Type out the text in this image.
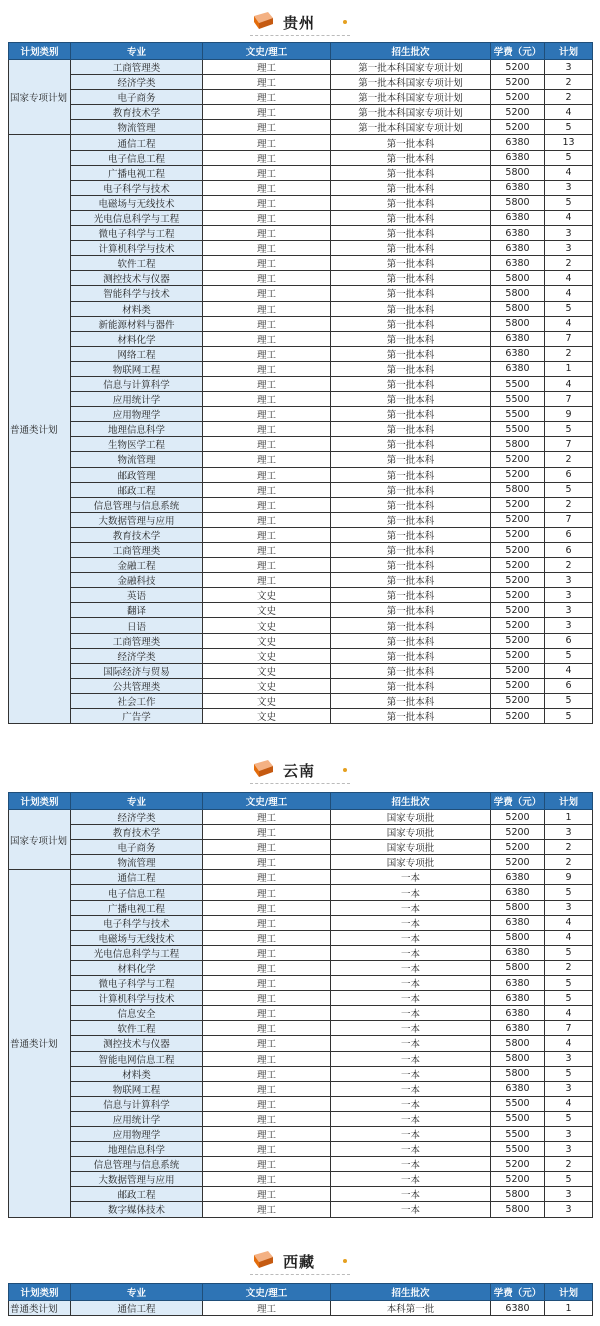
贵州
计划类别	专业	文史/理工	招生批次	学费（元）	计划
国家专项计划	工商管理类	理工	第一批本科国家专项计划	5200	3
	经济学类	理工	第一批本科国家专项计划	5200	2
	电子商务	理工	第一批本科国家专项计划	5200	2
	教育技术学	理工	第一批本科国家专项计划	5200	4
	物流管理	理工	第一批本科国家专项计划	5200	5
普通类计划	通信工程	理工	第一批本科	6380	13
	电子信息工程	理工	第一批本科	6380	5
	广播电视工程	理工	第一批本科	5800	4
	电子科学与技术	理工	第一批本科	6380	3
	电磁场与无线技术	理工	第一批本科	5800	5
	光电信息科学与工程	理工	第一批本科	6380	4
	微电子科学与工程	理工	第一批本科	6380	3
	计算机科学与技术	理工	第一批本科	6380	3
	软件工程	理工	第一批本科	6380	2
	测控技术与仪器	理工	第一批本科	5800	4
	智能科学与技术	理工	第一批本科	5800	4
	材料类	理工	第一批本科	5800	5
	新能源材料与器件	理工	第一批本科	5800	4
	材料化学	理工	第一批本科	6380	7
	网络工程	理工	第一批本科	6380	2
	物联网工程	理工	第一批本科	6380	1
	信息与计算科学	理工	第一批本科	5500	4
	应用统计学	理工	第一批本科	5500	7
	应用物理学	理工	第一批本科	5500	9
	地理信息科学	理工	第一批本科	5500	5
	生物医学工程	理工	第一批本科	5800	7
	物流管理	理工	第一批本科	5200	2
	邮政管理	理工	第一批本科	5200	6
	邮政工程	理工	第一批本科	5800	5
	信息管理与信息系统	理工	第一批本科	5200	2
	大数据管理与应用	理工	第一批本科	5200	7
	教育技术学	理工	第一批本科	5200	6
	工商管理类	理工	第一批本科	5200	6
	金融工程	理工	第一批本科	5200	2
	金融科技	理工	第一批本科	5200	3
	英语	文史	第一批本科	5200	3
	翻译	文史	第一批本科	5200	3
	日语	文史	第一批本科	5200	3
	工商管理类	文史	第一批本科	5200	6
	经济学类	文史	第一批本科	5200	5
	国际经济与贸易	文史	第一批本科	5200	4
	公共管理类	文史	第一批本科	5200	6
	社会工作	文史	第一批本科	5200	5
	广告学	文史	第一批本科	5200	5
云南
计划类别	专业	文史/理工	招生批次	学费（元）	计划
国家专项计划	经济学类	理工	国家专项批	5200	1
	教育技术学	理工	国家专项批	5200	3
	电子商务	理工	国家专项批	5200	2
	物流管理	理工	国家专项批	5200	2
普通类计划	通信工程	理工	一本	6380	9
	电子信息工程	理工	一本	6380	5
	广播电视工程	理工	一本	5800	3
	电子科学与技术	理工	一本	6380	4
	电磁场与无线技术	理工	一本	5800	4
	光电信息科学与工程	理工	一本	6380	5
	材料化学	理工	一本	5800	2
	微电子科学与工程	理工	一本	6380	5
	计算机科学与技术	理工	一本	6380	5
	信息安全	理工	一本	6380	4
	软件工程	理工	一本	6380	7
	测控技术与仪器	理工	一本	5800	4
	智能电网信息工程	理工	一本	5800	3
	材料类	理工	一本	5800	5
	物联网工程	理工	一本	6380	3
	信息与计算科学	理工	一本	5500	4
	应用统计学	理工	一本	5500	5
	应用物理学	理工	一本	5500	3
	地理信息科学	理工	一本	5500	3
	信息管理与信息系统	理工	一本	5200	2
	大数据管理与应用	理工	一本	5200	5
	邮政工程	理工	一本	5800	3
	数字媒体技术	理工	一本	5800	3
西藏
计划类别	专业	文史/理工	招生批次	学费（元）	计划
普通类计划	通信工程	理工	本科第一批	6380	1
